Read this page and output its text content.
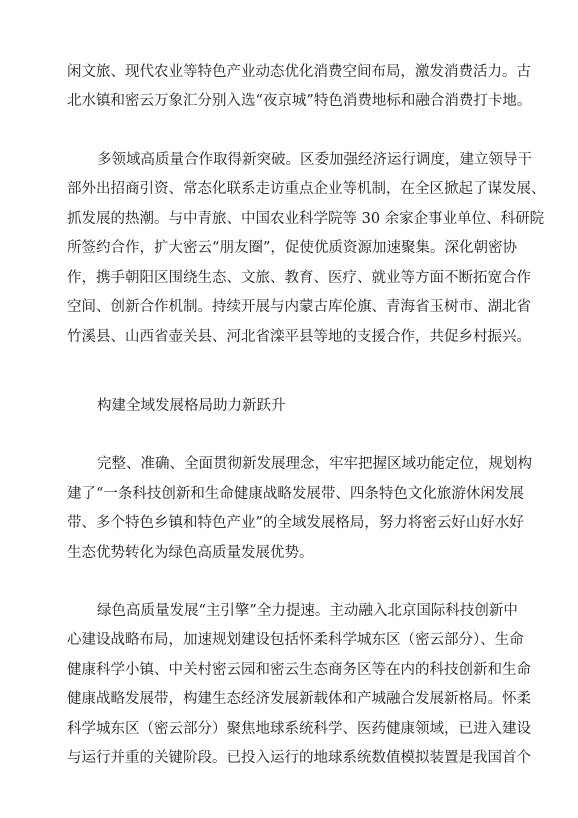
闲文旅、现代农业等特色产业动态优化消费空间布局，激发消费活力。古
北水镇和密云万象汇分别入选“夜京城”特色消费地标和融合消费打卡地。
多领域高质量合作取得新突破。区委加强经济运行调度，建立领导干
部外出招商引资、常态化联系走访重点企业等机制，在全区掀起了谋发展、
抓发展的热潮。与中青旅、中国农业科学院等 30 余家企事业单位、科研院
所签约合作，扩大密云“朋友圈”，促使优质资源加速聚集。深化朝密协
作，携手朝阳区围绕生态、文旅、教育、医疗、就业等方面不断拓宽合作
空间、创新合作机制。持续开展与内蒙古库伦旗、青海省玉树市、湖北省
竹溪县、山西省壶关县、河北省滦平县等地的支援合作，共促乡村振兴。
构建全域发展格局助力新跃升
完整、准确、全面贯彻新发展理念，牢牢把握区域功能定位，规划构
建了“一条科技创新和生命健康战略发展带、四条特色文化旅游休闲发展
带、多个特色乡镇和特色产业”的全域发展格局，努力将密云好山好水好
生态优势转化为绿色高质量发展优势。
绿色高质量发展“主引擎”全力提速。主动融入北京国际科技创新中
心建设战略布局，加速规划建设包括怀柔科学城东区（密云部分）、生命
健康科学小镇、中关村密云园和密云生态商务区等在内的科技创新和生命
健康战略发展带，构建生态经济发展新载体和产城融合发展新格局。怀柔
科学城东区（密云部分）聚焦地球系统科学、医药健康领域，已进入建设
与运行并重的关键阶段。已投入运行的地球系统数值模拟装置是我国首个
